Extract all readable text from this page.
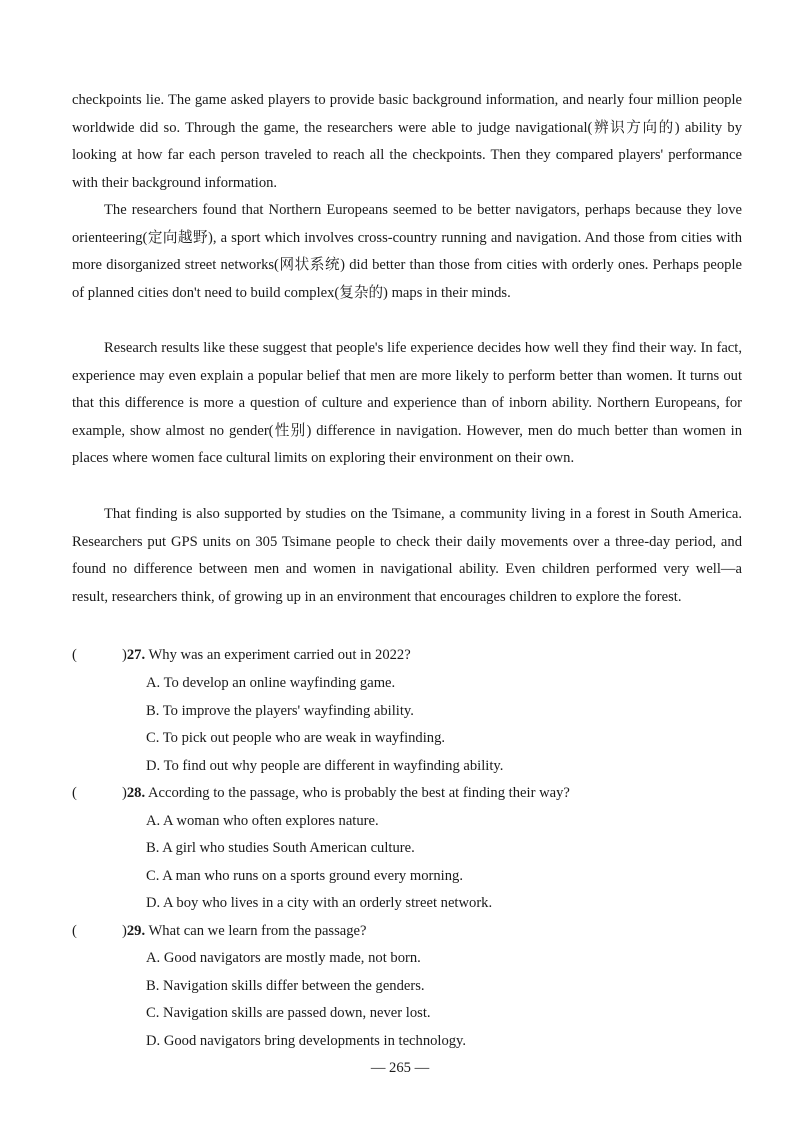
checkpoints lie. The game asked players to provide basic background information, and nearly four million people worldwide did so. Through the game, the researchers were able to judge navigational(辨识方向的) ability by looking at how far each person traveled to reach all the checkpoints. Then they compared players' performance with their background information.

The researchers found that Northern Europeans seemed to be better navigators, perhaps because they love orienteering(定向越野), a sport which involves cross-country running and navigation. And those from cities with more disorganized street networks(网状系统) did better than those from cities with orderly ones. Perhaps people of planned cities don't need to build complex(复杂的) maps in their minds.

Research results like these suggest that people's life experience decides how well they find their way. In fact, experience may even explain a popular belief that men are more likely to perform better than women. It turns out that this difference is more a question of culture and experience than of inborn ability. Northern Europeans, for example, show almost no gender(性别) difference in navigation. However, men do much better than women in places where women face cultural limits on exploring their environment on their own.

That finding is also supported by studies on the Tsimane, a community living in a forest in South America. Researchers put GPS units on 305 Tsimane people to check their daily movements over a three-day period, and found no difference between men and women in navigational ability. Even children performed very well—a result, researchers think, of growing up in an environment that encourages children to explore the forest.

(	)27. Why was an experiment carried out in 2022?
A. To develop an online wayfinding game.
B. To improve the players' wayfinding ability.
C. To pick out people who are weak in wayfinding.
D. To find out why people are different in wayfinding ability.
(	)28. According to the passage, who is probably the best at finding their way?
A. A woman who often explores nature.
B. A girl who studies South American culture.
C. A man who runs on a sports ground every morning.
D. A boy who lives in a city with an orderly street network.
(	)29. What can we learn from the passage?
A. Good navigators are mostly made, not born.
B. Navigation skills differ between the genders.
C. Navigation skills are passed down, never lost.
D. Good navigators bring developments in technology.
— 265 —
